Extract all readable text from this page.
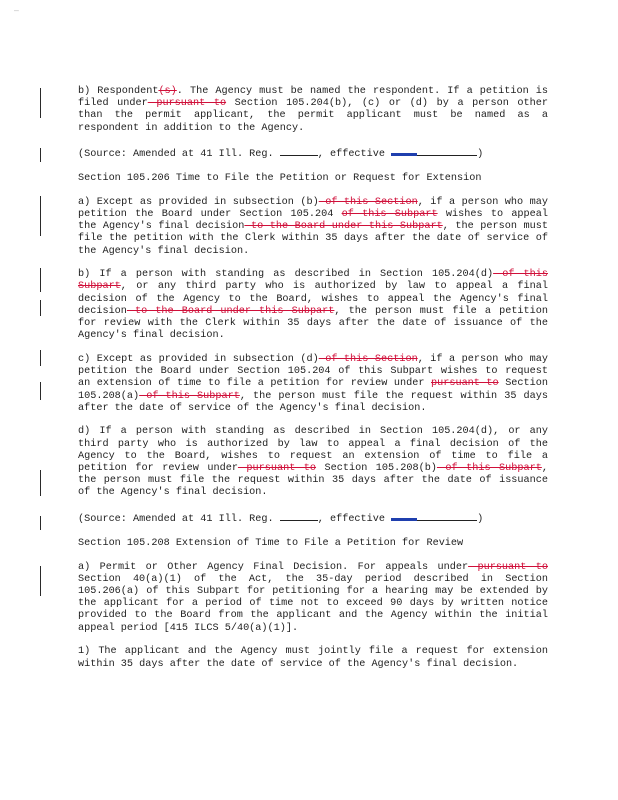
—
b) Respondent(s). The Agency must be named the respondent. If a petition is filed under pursuant to Section 105.204(b), (c) or (d) by a person other than the permit applicant, the permit applicant must be named as a respondent in addition to the Agency.
(Source: Amended at 41 Ill. Reg.	, effective	)
Section 105.206 Time to File the Petition or Request for Extension
a) Except as provided in subsection (b) of this Section, if a person who may petition the Board under Section 105.204 of this Subpart wishes to appeal the Agency's final decision to the Board under this Subpart, the person must file the petition with the Clerk within 35 days after the date of service of the Agency's final decision.
b) If a person with standing as described in Section 105.204(d) of this Subpart, or any third party who is authorized by law to appeal a final decision of the Agency to the Board, wishes to appeal the Agency's final decision to the Board under this Subpart, the person must file a petition for review with the Clerk within 35 days after the date of issuance of the Agency's final decision.
c) Except as provided in subsection (d) of this Section, if a person who may petition the Board under Section 105.204 of this Subpart wishes to request an extension of time to file a petition for review under pursuant to Section 105.208(a) of this Subpart, the person must file the request within 35 days after the date of service of the Agency's final decision.
d) If a person with standing as described in Section 105.204(d), or any third party who is authorized by law to appeal a final decision of the Agency to the Board, wishes to request an extension of time to file a petition for review under pursuant to Section 105.208(b) of this Subpart, the person must file the request within 35 days after the date of issuance of the Agency's final decision.
(Source: Amended at 41 Ill. Reg.	, effective	)
Section 105.208 Extension of Time to File a Petition for Review
a) Permit or Other Agency Final Decision. For appeals under pursuant to Section 40(a)(1) of the Act, the 35-day period described in Section 105.206(a) of this Subpart for petitioning for a hearing may be extended by the applicant for a period of time not to exceed 90 days by written notice provided to the Board from the applicant and the Agency within the initial appeal period [415 ILCS 5/40(a)(1)].
1) The applicant and the Agency must jointly file a request for extension within 35 days after the date of service of the Agency's final decision.
